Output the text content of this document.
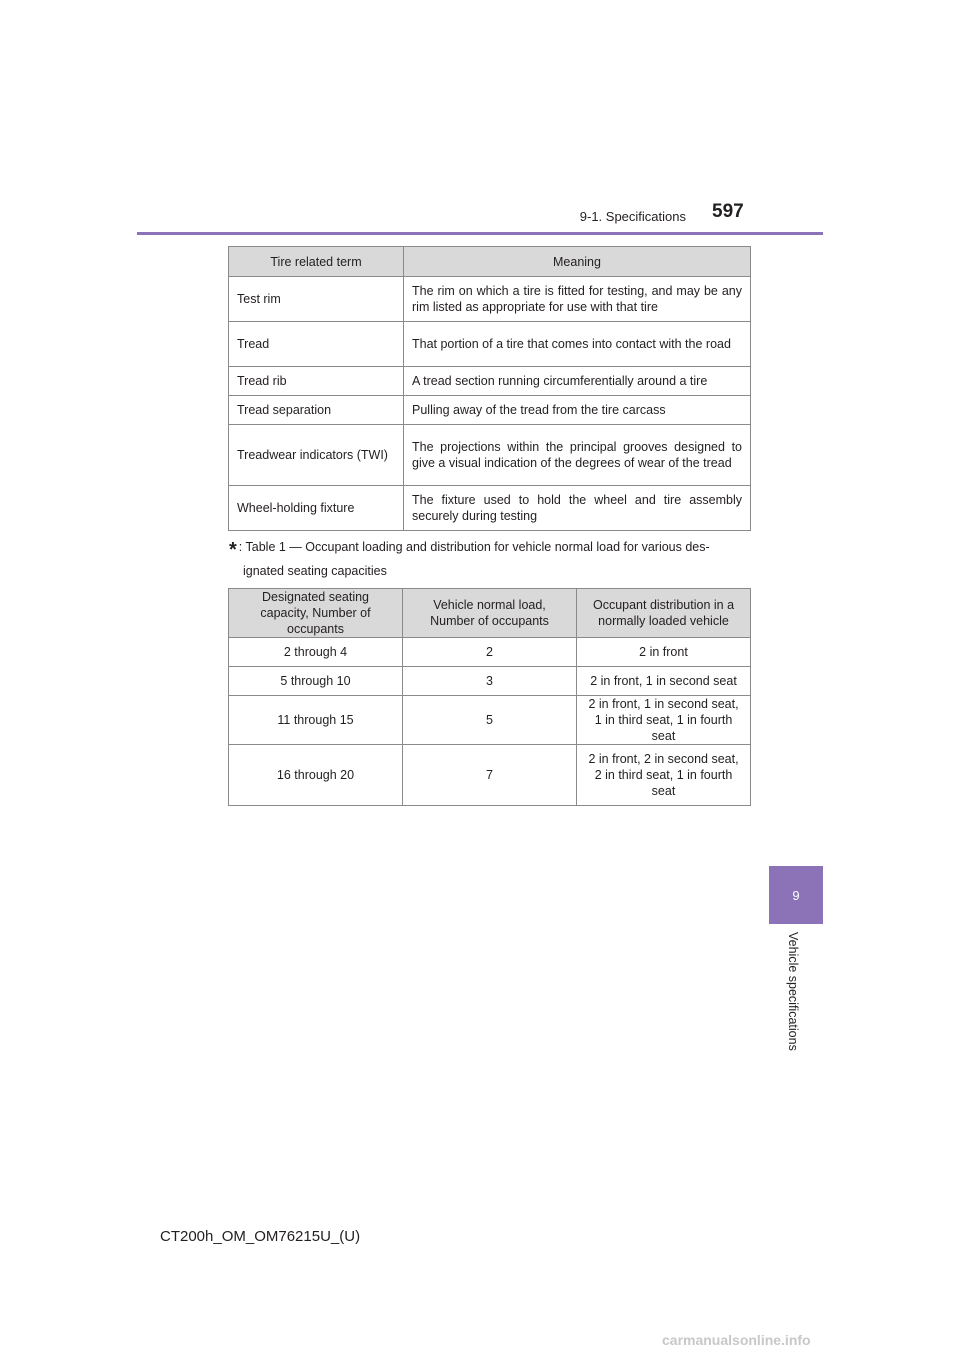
9-1. Specifications 597
Tire related term	Meaning
Test rim	The rim on which a tire is fitted for testing, and may be any rim listed as appropriate for use with that tire
Tread	That portion of a tire that comes into contact with the road
Tread rib	A tread section running circumferentially around a tire
Tread separation	Pulling away of the tread from the tire carcass
Treadwear indicators (TWI)	The projections within the principal grooves designed to give a visual indication of the degrees of wear of the tread
Wheel-holding fixture	The fixture used to hold the wheel and tire assembly securely during testing
* : Table 1 — Occupant loading and distribution for vehicle normal load for various des-
ignated seating capacities
Designated seating capacity, Number of occupants	Vehicle normal load, Number of occupants	Occupant distribution in a normally loaded vehicle
2 through 4	2	2 in front
5 through 10	3	2 in front, 1 in second seat
11 through 15	5	2 in front, 1 in second seat, 1 in third seat, 1 in fourth seat
16 through 20	7	2 in front, 2 in second seat, 2 in third seat, 1 in fourth seat
9
Vehicle specifications
CT200h_OM_OM76215U_(U)
carmanualsonline.info
